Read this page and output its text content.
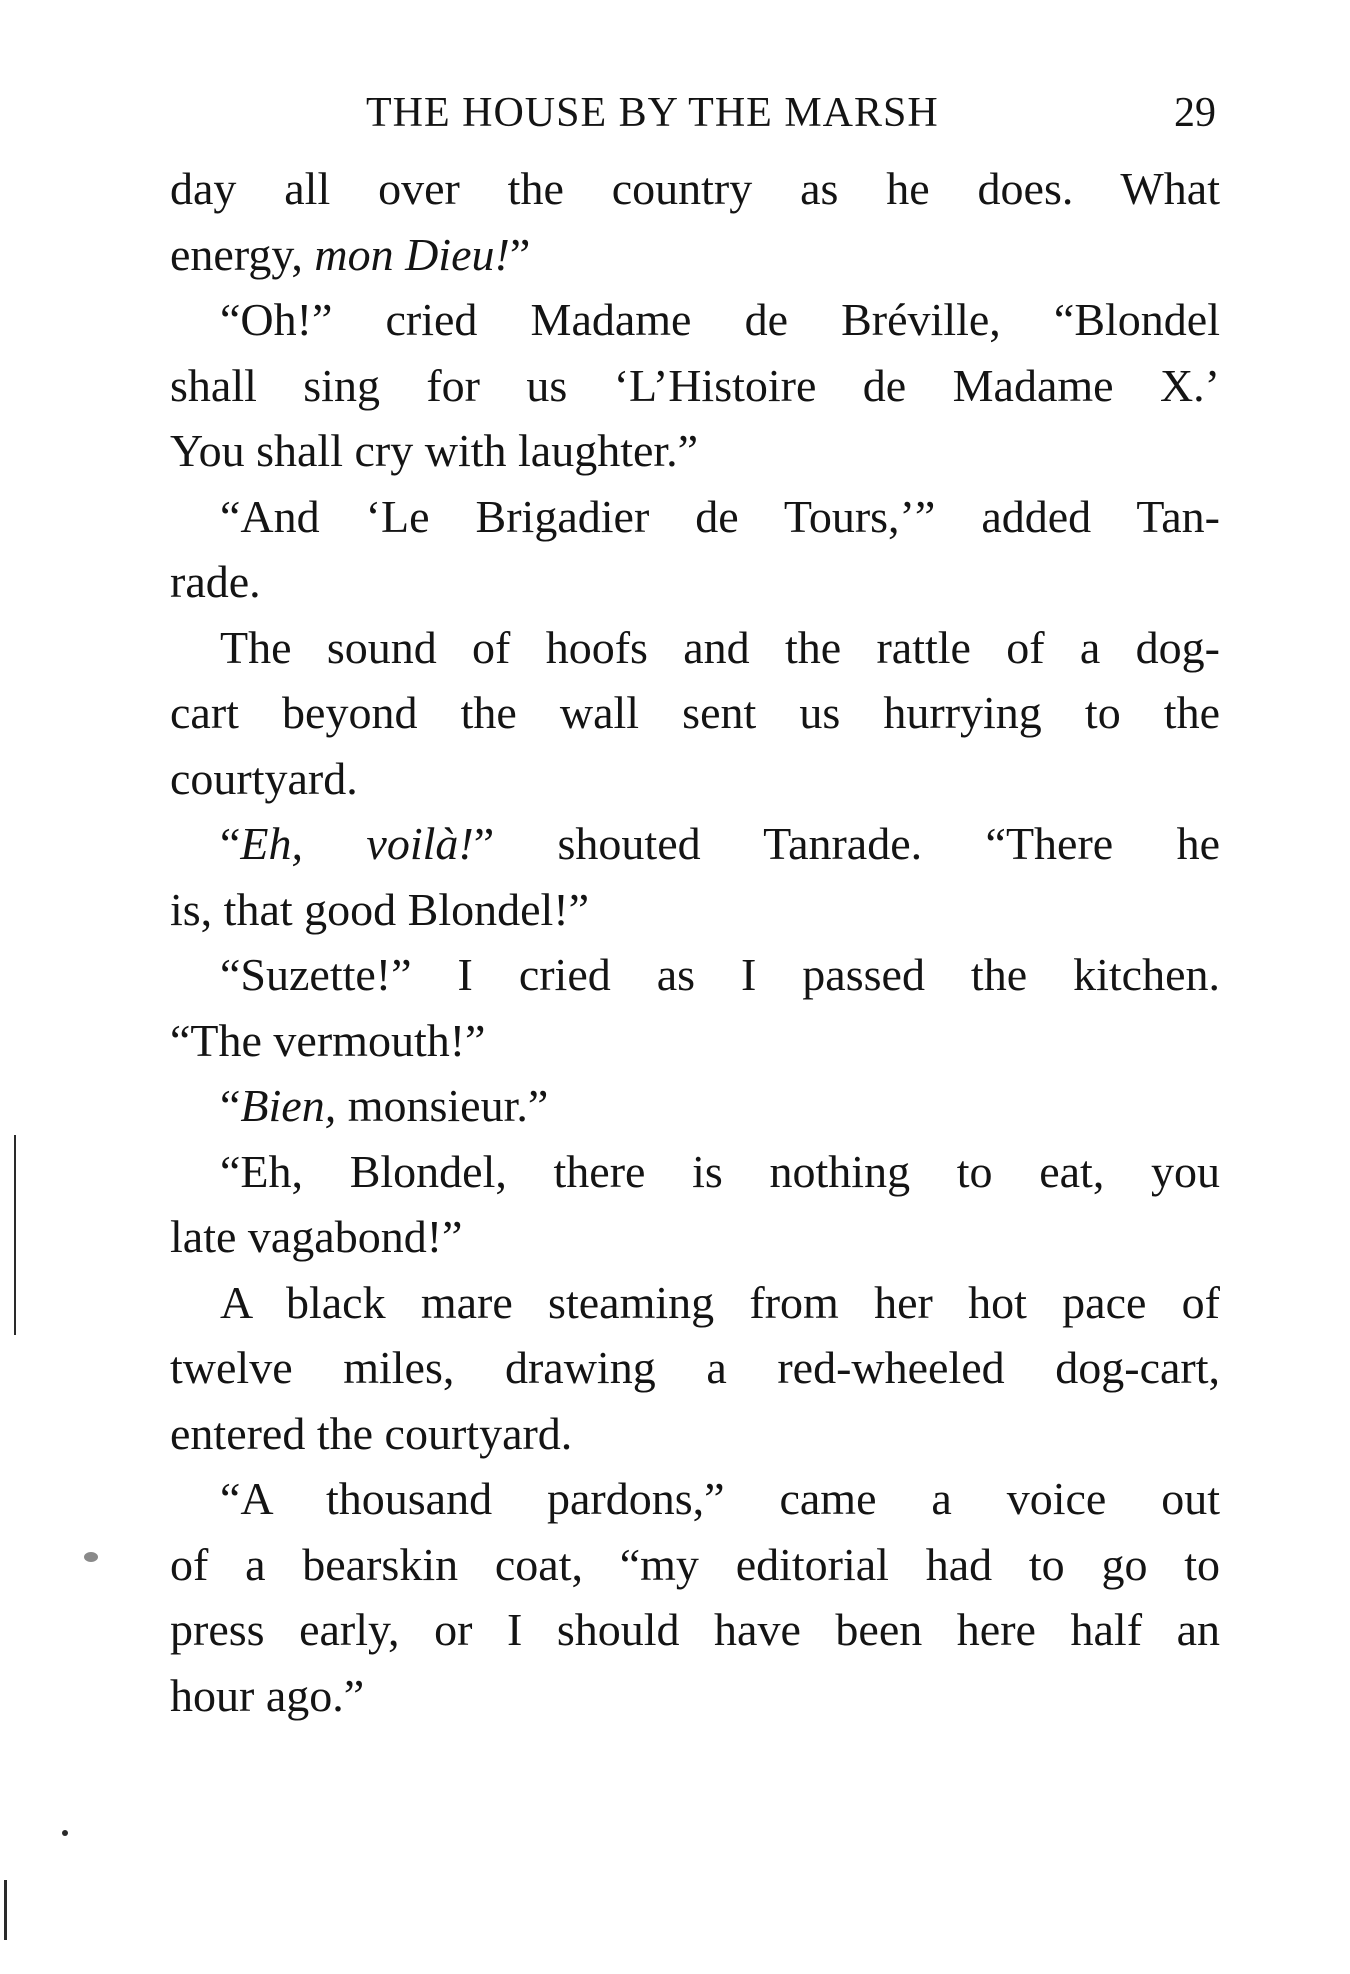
THE HOUSE BY THE MARSH	29
day all over the country as he does. What
energy, mon Dieu!”
“Oh!” cried Madame de Bréville, “Blondel
shall sing for us ‘L’Histoire de Madame X.’
You shall cry with laughter.”
“And ‘Le Brigadier de Tours,’” added Tan-
rade.
The sound of hoofs and the rattle of a dog-
cart beyond the wall sent us hurrying to the
courtyard.
“Eh, voilà!” shouted Tanrade. “There he
is, that good Blondel!”
“Suzette!” I cried as I passed the kitchen.
“The vermouth!”
“Bien, monsieur.”
“Eh, Blondel, there is nothing to eat, you
late vagabond!”
A black mare steaming from her hot pace of
twelve miles, drawing a red-wheeled dog-cart,
entered the courtyard.
“A thousand pardons,” came a voice out
of a bearskin coat, “my editorial had to go to
press early, or I should have been here half an
hour ago.”
